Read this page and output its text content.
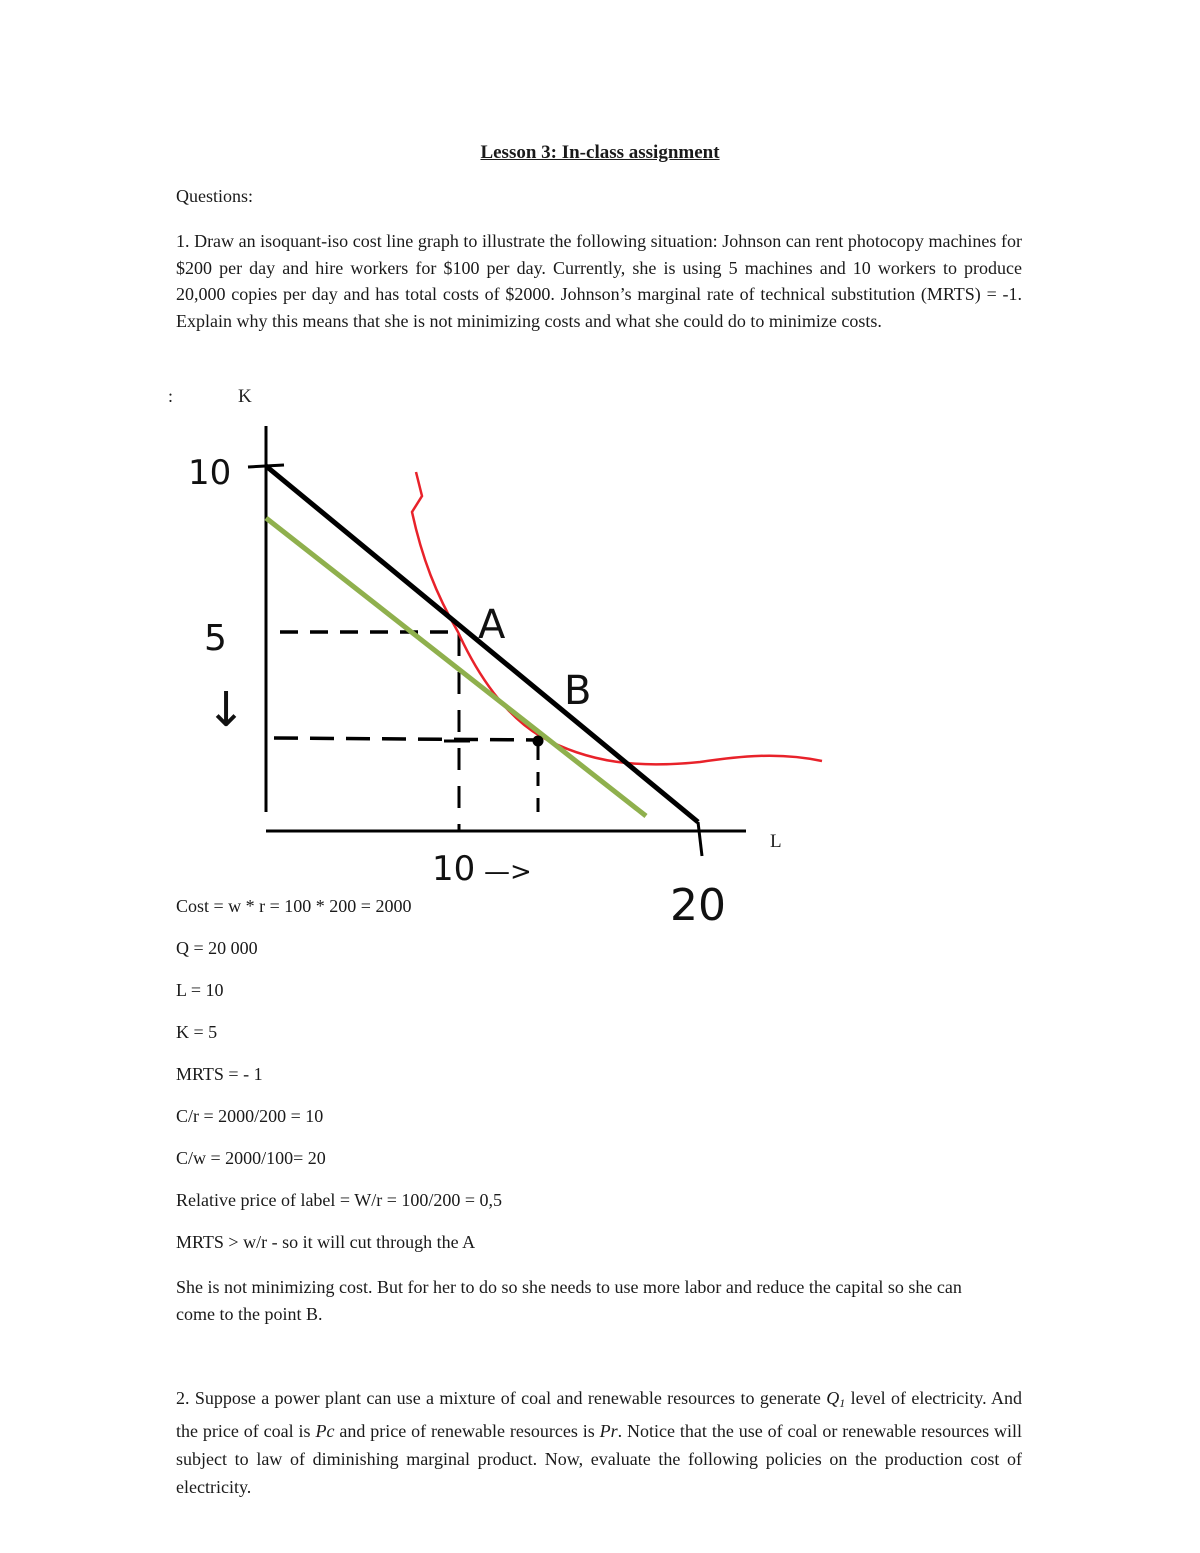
Lesson 3: In-class assignment
Questions:
1. Draw an isoquant-iso cost line graph to illustrate the following situation: Johnson can rent photocopy machines for $200 per day and hire workers for $100 per day. Currently, she is using 5 machines and 10 workers to produce 20,000 copies per day and has total costs of $2000. Johnson’s marginal rate of technical substitution (MRTS) = -1. Explain why this means that she is not minimizing costs and what she could do to minimize costs.
:	K
L
10
5
↓
10 —>
20
A
B
Cost = w * r = 100 * 200 = 2000
Q = 20 000
L = 10
K = 5
MRTS = - 1
C/r = 2000/200 = 10
C/w = 2000/100= 20
Relative price of label = W/r = 100/200 = 0,5
MRTS > w/r - so it will cut through the A
She is not minimizing cost. But for her to do so she needs to use more labor and reduce the capital so she can come to the point B.
2. Suppose a power plant can use a mixture of coal and renewable resources to generate $Q_1$ level of electricity. And the price of coal is Pc and price of renewable resources is Pr. Notice that the use of coal or renewable resources will subject to law of diminishing marginal product. Now, evaluate the following policies on the production cost of electricity.
